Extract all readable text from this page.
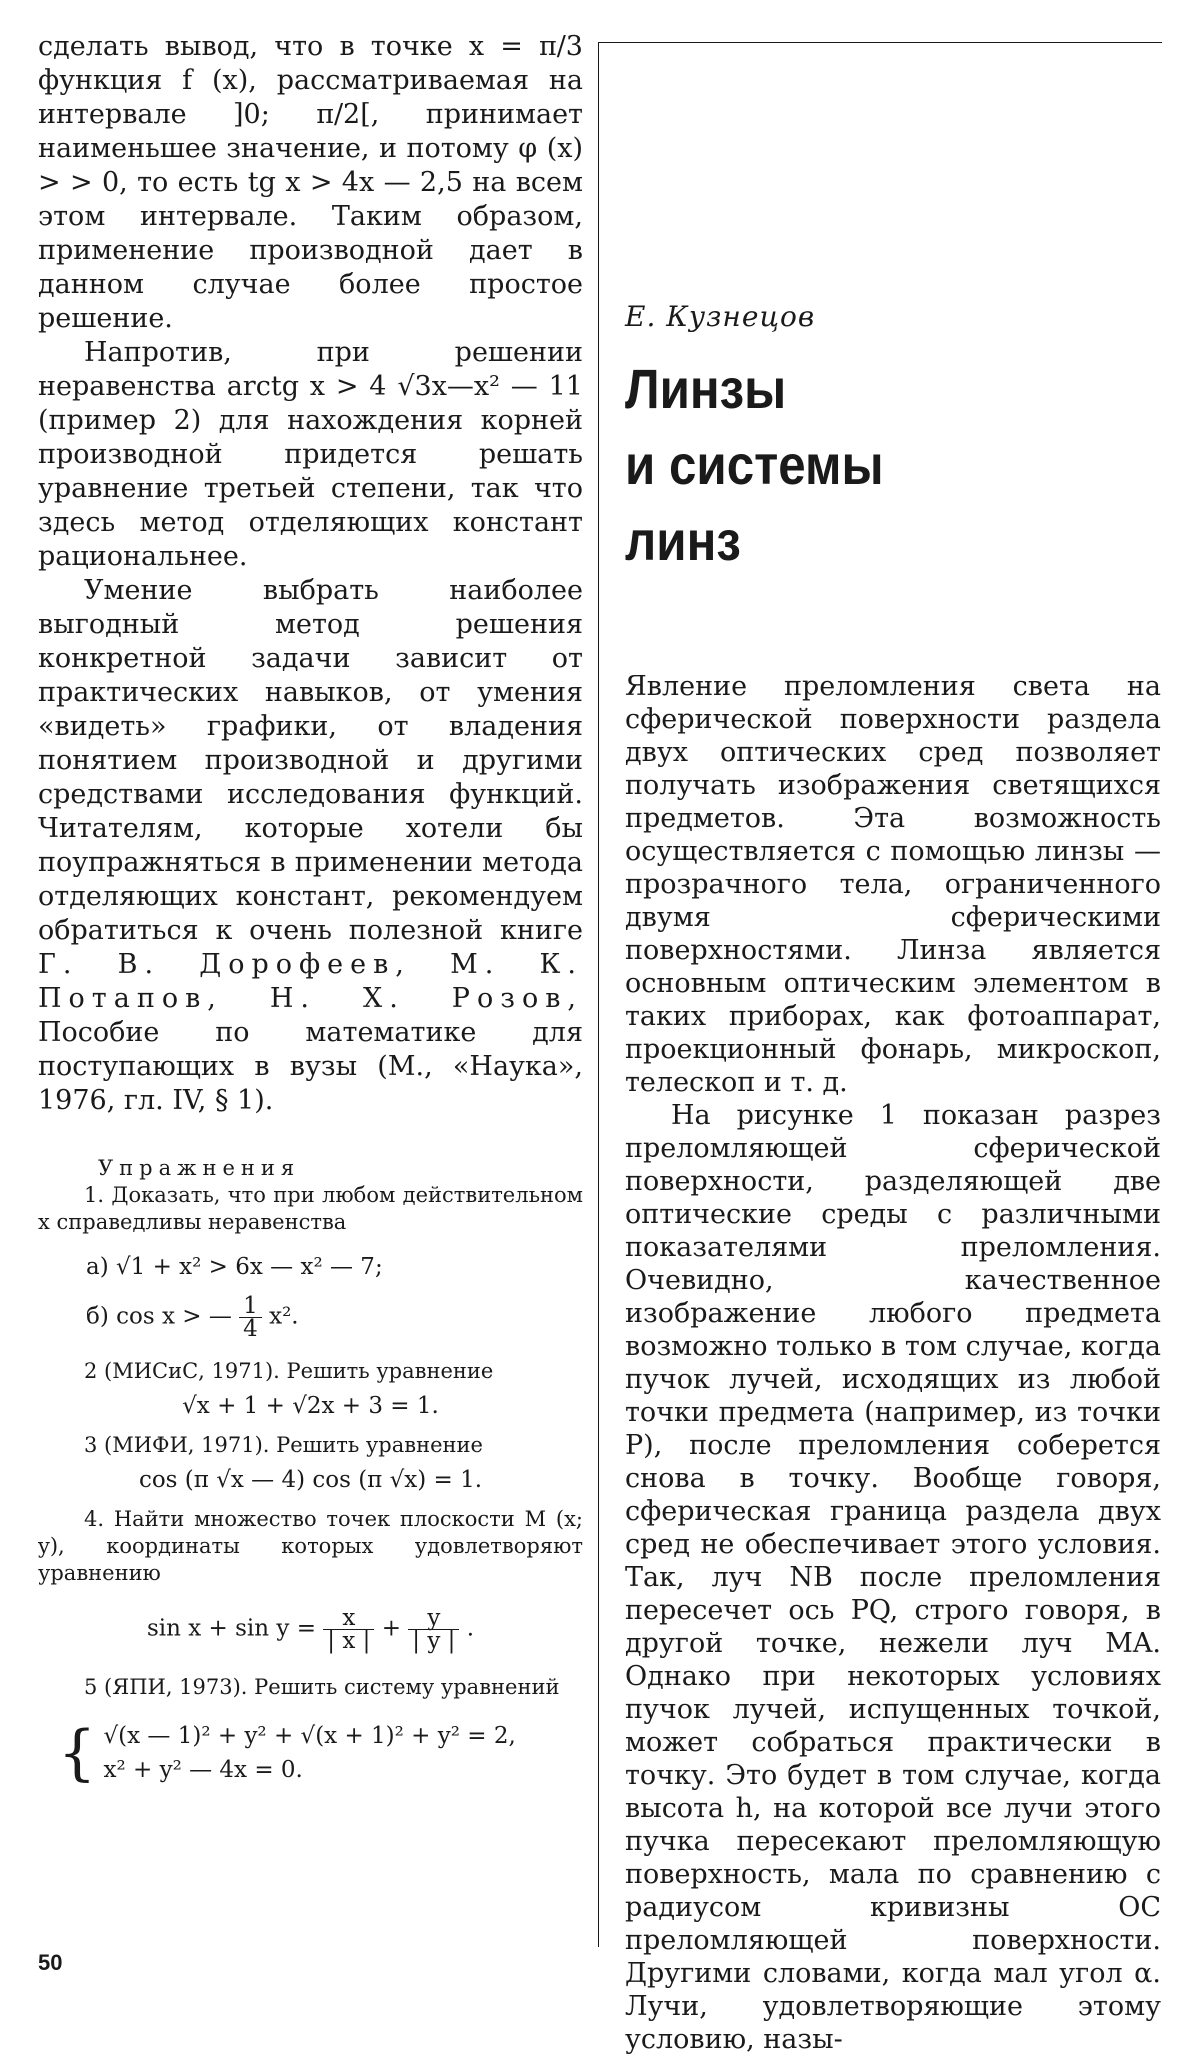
сделать вывод, что в точке x = π/3 функция f (x), рассматриваемая на интервале ]0; π/2[, принимает наименьшее значение, и потому φ (x) > > 0, то есть tg x > 4x — 2,5 на всем этом интервале. Таким образом, применение производной дает в данном случае более простое решение.

Напротив, при решении неравенства arctg x > 4 √3x—x² — 11 (пример 2) для нахождения корней производной придется решать уравнение третьей степени, так что здесь метод отделяющих констант рациональнее.

Умение выбрать наиболее выгодный метод решения конкретной задачи зависит от практических навыков, от умения «видеть» графики, от владения понятием производной и другими средствами исследования функций. Читателям, которые хотели бы поупражняться в применении метода отделяющих констант, рекомендуем обратиться к очень полезной книге Г. В. Дорофеев, М. К. Потапов, Н. Х. Розов, Пособие по математике для поступающих в вузы (М., «Наука», 1976, гл. IV, § 1).

Упражнения

1. Доказать, что при любом действительном x справедливы неравенства

а) √1 + x² > 6x — x² — 7;
б) cos x > — $\frac{1}{4} x^2$.

2 (МИСиС, 1971). Решить уравнение

√x + 1 + √2x + 3 = 1.

3 (МИФИ, 1971). Решить уравнение

cos (π √x — 4) cos (π √x) = 1.

4. Найти множество точек плоскости M (x; y), координаты которых удовлетворяют уравнению

$\sin x + \sin y = \frac{x}{| x |} + \frac{y}{| y |}$ .

5 (ЯПИ, 1973). Решить систему уравнений

{ √(x — 1)² + y² + √(x + 1)² + y² = 2,
x² + y² — 4x = 0.
Е. Кузнецов
Линзы
и системы
линз

Явление преломления света на сферической поверхности раздела двух оптических сред позволяет получать изображения светящихся предметов. Эта возможность осуществляется с помощью линзы — прозрачного тела, ограниченного двумя сферическими поверхностями. Линза является основным оптическим элементом в таких приборах, как фотоаппарат, проекционный фонарь, микроскоп, телескоп и т. д.

На рисунке 1 показан разрез преломляющей сферической поверхности, разделяющей две оптические среды с различными показателями преломления. Очевидно, качественное изображение любого предмета возможно только в том случае, когда пучок лучей, исходящих из любой точки предмета (например, из точки P), после преломления соберется снова в точку. Вообще говоря, сферическая граница раздела двух сред не обеспечивает этого условия. Так, луч NB после преломления пересечет ось PQ, строго говоря, в другой точке, нежели луч MA. Однако при некоторых условиях пучок лучей, испущенных точкой, может собраться практически в точку. Это будет в том случае, когда высота h, на которой все лучи этого пучка пересекают преломляющую поверхность, мала по сравнению с радиусом кривизны OC преломляющей поверхности. Другими словами, когда мал угол α. Лучи, удовлетворяющие этому условию, назы-

50
